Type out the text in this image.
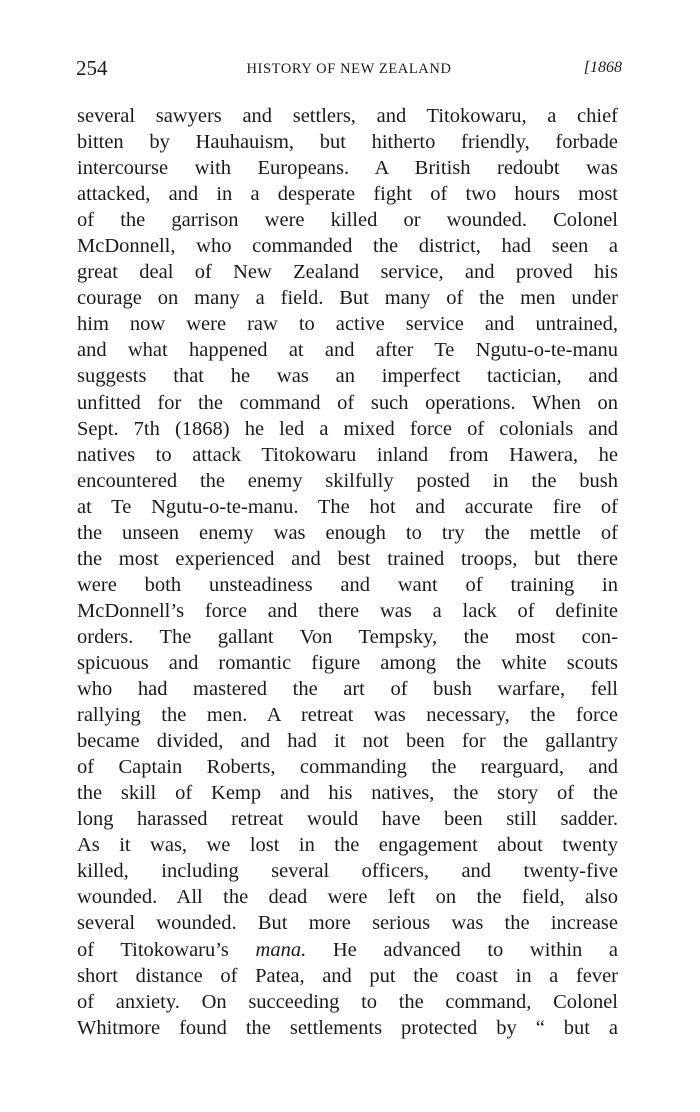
254	HISTORY OF NEW ZEALAND	[1868
several sawyers and settlers, and Titokowaru, a chief
bitten by Hauhauism, but hitherto friendly, forbade
intercourse with Europeans. A British redoubt was
attacked, and in a desperate fight of two hours most
of the garrison were killed or wounded. Colonel
McDonnell, who commanded the district, had seen a
great deal of New Zealand service, and proved his
courage on many a field. But many of the men under
him now were raw to active service and untrained,
and what happened at and after Te Ngutu-o-te-manu
suggests that he was an imperfect tactician, and
unfitted for the command of such operations. When on
Sept. 7th (1868) he led a mixed force of colonials and
natives to attack Titokowaru inland from Hawera, he
encountered the enemy skilfully posted in the bush
at Te Ngutu-o-te-manu. The hot and accurate fire of
the unseen enemy was enough to try the mettle of
the most experienced and best trained troops, but there
were both unsteadiness and want of training in
McDonnell’s force and there was a lack of definite
orders. The gallant Von Tempsky, the most con-
spicuous and romantic figure among the white scouts
who had mastered the art of bush warfare, fell
rallying the men. A retreat was necessary, the force
became divided, and had it not been for the gallantry
of Captain Roberts, commanding the rearguard, and
the skill of Kemp and his natives, the story of the
long harassed retreat would have been still sadder.
As it was, we lost in the engagement about twenty
killed, including several officers, and twenty-five
wounded. All the dead were left on the field, also
several wounded. But more serious was the increase
of Titokowaru’s mana. He advanced to within a
short distance of Patea, and put the coast in a fever
of anxiety. On succeeding to the command, Colonel
Whitmore found the settlements protected by “ but a
